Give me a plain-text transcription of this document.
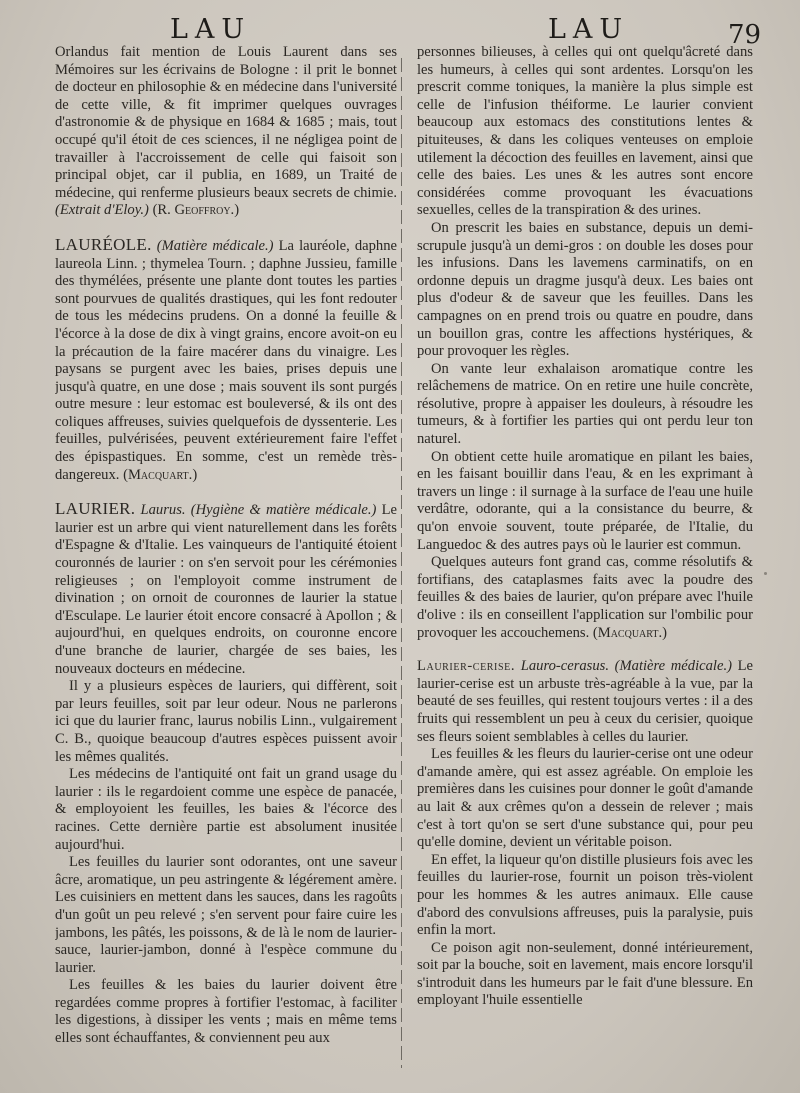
LAU	LAU	79

Orlandus fait mention de Louis Laurent dans ses Mémoires sur les écrivains de Bologne : il prit le bonnet de docteur en philosophie & en médecine dans l'université de cette ville, & fit imprimer quelques ouvrages d'astronomie & de physique en 1684 & 1685 ; mais, tout occupé qu'il étoit de ces sciences, il ne négligea point de travailler à l'accroissement de celle qui faisoit son principal objet, car il publia, en 1689, un Traité de médecine, qui renferme plusieurs beaux secrets de chimie. (Extrait d'Eloy.) (R. Geoffroy.)

LAURÉOLE. (Matière médicale.) La lauréole, daphne laureola Linn. ; thymelea Tourn. ; daphne Jussieu, famille des thymélées, présente une plante dont toutes les parties sont pourvues de qualités drastiques, qui les font redouter de tous les médecins prudens. On a donné la feuille & l'écorce à la dose de dix à vingt grains, encore avoit-on eu la précaution de la faire macérer dans du vinaigre. Les paysans se purgent avec les baies, prises depuis une jusqu'à quatre, en une dose ; mais souvent ils sont purgés outre mesure : leur estomac est bouleversé, & ils ont des coliques affreuses, suivies quelquefois de dyssenterie. Les feuilles, pulvérisées, peuvent extérieurement faire l'effet des épispastiques. En somme, c'est un remède très-dangereux. (Macquart.)

LAURIER. Laurus. (Hygiène & matière médicale.) Le laurier est un arbre qui vient naturellement dans les forêts d'Espagne & d'Italie. Les vainqueurs de l'antiquité étoient couronnés de laurier : on s'en servoit pour les cérémonies religieuses ; on l'employoit comme instrument de divination ; on ornoit de couronnes de laurier la statue d'Esculape. Le laurier étoit encore consacré à Apollon ; & aujourd'hui, en quelques endroits, on couronne encore d'une branche de laurier, chargée de ses baies, les nouveaux docteurs en médecine.

Il y a plusieurs espèces de lauriers, qui diffèrent, soit par leurs feuilles, soit par leur odeur. Nous ne parlerons ici que du laurier franc, laurus nobilis Linn., vulgairement C. B., quoique beaucoup d'autres espèces puissent avoir les mêmes qualités.

Les médecins de l'antiquité ont fait un grand usage du laurier : ils le regardoient comme une espèce de panacée, & employoient les feuilles, les baies & l'écorce des racines. Cette dernière partie est absolument inusitée aujourd'hui.

Les feuilles du laurier sont odorantes, ont une saveur âcre, aromatique, un peu astringente & légérement amère. Les cuisiniers en mettent dans les sauces, dans les ragoûts d'un goût un peu relevé ; s'en servent pour faire cuire les jambons, les pâtés, les poissons, & de là le nom de laurier-sauce, laurier-jambon, donné à l'espèce commune du laurier.

Les feuilles & les baies du laurier doivent être regardées comme propres à fortifier l'estomac, à faciliter les digestions, à dissiper les vents ; mais en même tems elles sont échauffantes, & conviennent peu aux

personnes bilieuses, à celles qui ont quelqu'âcreté dans les humeurs, à celles qui sont ardentes. Lorsqu'on les prescrit comme toniques, la manière la plus simple est celle de l'infusion théiforme. Le laurier convient beaucoup aux estomacs des constitutions lentes & pituiteuses, & dans les coliques venteuses on emploie utilement la décoction des feuilles en lavement, ainsi que celle des baies. Les unes & les autres sont encore considérées comme provoquant les évacuations sexuelles, celles de la transpiration & des urines.

On prescrit les baies en substance, depuis un demi-scrupule jusqu'à un demi-gros : on double les doses pour les infusions. Dans les lavemens carminatifs, on en ordonne depuis un dragme jusqu'à deux. Les baies ont plus d'odeur & de saveur que les feuilles. Dans les campagnes on en prend trois ou quatre en poudre, dans un bouillon gras, contre les affections hystériques, & pour provoquer les règles.

On vante leur exhalaison aromatique contre les relâchemens de matrice. On en retire une huile concrète, résolutive, propre à appaiser les douleurs, à résoudre les tumeurs, & à fortifier les parties qui ont perdu leur ton naturel.

On obtient cette huile aromatique en pilant les baies, en les faisant bouillir dans l'eau, & en les exprimant à travers un linge : il surnage à la surface de l'eau une huile verdâtre, odorante, qui a la consistance du beurre, & qu'on envoie souvent, toute préparée, de l'Italie, du Languedoc & des autres pays où le laurier est commun.

Quelques auteurs font grand cas, comme résolutifs & fortifians, des cataplasmes faits avec la poudre des feuilles & des baies de laurier, qu'on prépare avec l'huile d'olive : ils en conseillent l'application sur l'ombilic pour provoquer les accouchemens. (Macquart.)

Laurier-cerise. Lauro-cerasus. (Matière médicale.) Le laurier-cerise est un arbuste très-agréable à la vue, par la beauté de ses feuilles, qui restent toujours vertes : il a des fruits qui ressemblent un peu à ceux du cerisier, quoique ses fleurs soient semblables à celles du laurier.

Les feuilles & les fleurs du laurier-cerise ont une odeur d'amande amère, qui est assez agréable. On emploie les premières dans les cuisines pour donner le goût d'amande au lait & aux crêmes qu'on a dessein de relever ; mais c'est à tort qu'on se sert d'une substance qui, pour peu qu'elle domine, devient un véritable poison.

En effet, la liqueur qu'on distille plusieurs fois avec les feuilles du laurier-rose, fournit un poison très-violent pour les hommes & les autres animaux. Elle cause d'abord des convulsions affreuses, puis la paralysie, puis enfin la mort.

Ce poison agit non-seulement, donné intérieurement, soit par la bouche, soit en lavement, mais encore lorsqu'il s'introduit dans les humeurs par le fait d'une blessure. En employant l'huile essentielle
